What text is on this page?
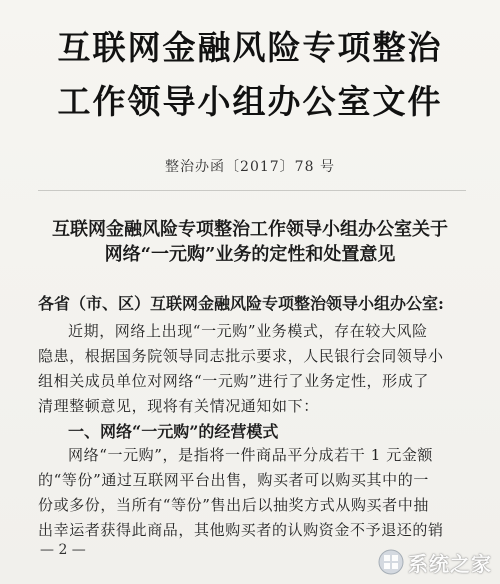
互联网金融风险专项整治
工作领导小组办公室文件
整治办函〔2017〕78 号
互联网金融风险专项整治工作领导小组办公室关于
网络“一元购”业务的定性和处置意见
各省（市、区）互联网金融风险专项整治领导小组办公室:
近期，网络上出现“一元购”业务模式，存在较大风险
隐患，根据国务院领导同志批示要求，人民银行会同领导小
组相关成员单位对网络“一元购”进行了业务定性，形成了
清理整顿意见，现将有关情况通知如下：
一、网络“一元购”的经营模式
网络“一元购”，是指将一件商品平分成若干 1 元金额
的“等份”通过互联网平台出售，购买者可以购买其中的一
份或多份，当所有“等份”售出后以抽奖方式从购买者中抽
出幸运者获得此商品，其他购买者的认购资金不予退还的销
— 2 —
系统之家
